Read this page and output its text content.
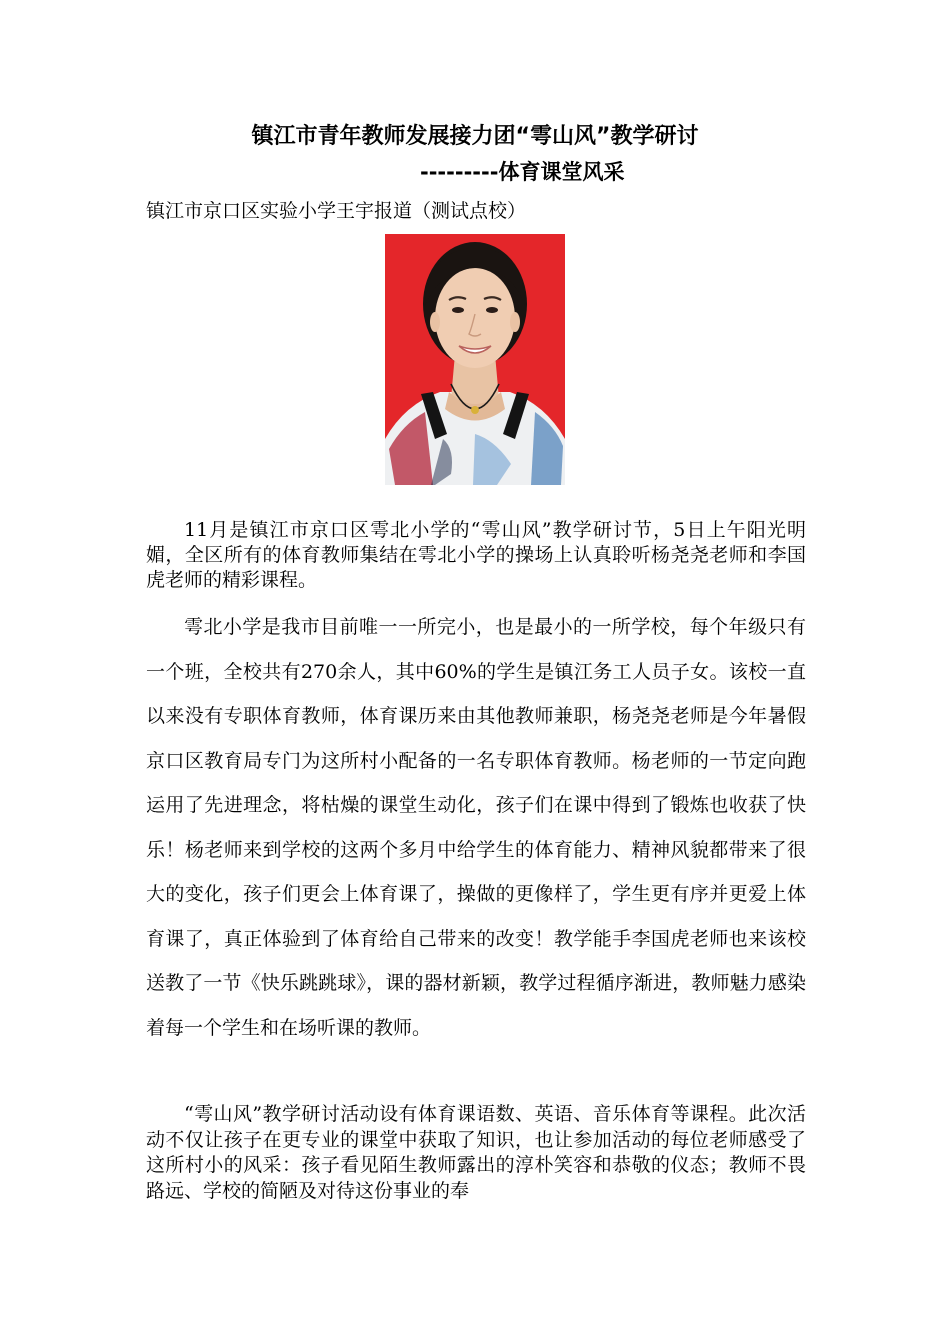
镇江市青年教师发展接力团“雩山风”教学研讨
---------体育课堂风采
镇江市京口区实验小学王宇报道（测试点校）

11月是镇江市京口区雩北小学的“雩山风”教学研讨节，5日上午阳光明媚，全区所有的体育教师集结在雩北小学的操场上认真聆听杨尧尧老师和李国虎老师的精彩课程。

雩北小学是我市目前唯一一所完小，也是最小的一所学校，每个年级只有一个班，全校共有270余人，其中60%的学生是镇江务工人员子女。该校一直以来没有专职体育教师，体育课历来由其他教师兼职，杨尧尧老师是今年暑假京口区教育局专门为这所村小配备的一名专职体育教师。杨老师的一节定向跑运用了先进理念，将枯燥的课堂生动化，孩子们在课中得到了锻炼也收获了快乐！杨老师来到学校的这两个多月中给学生的体育能力、精神风貌都带来了很大的变化，孩子们更会上体育课了，操做的更像样了，学生更有序并更爱上体育课了，真正体验到了体育给自己带来的改变！教学能手李国虎老师也来该校送教了一节《快乐跳跳球》，课的器材新颖，教学过程循序渐进，教师魅力感染着每一个学生和在场听课的教师。

“雩山风”教学研讨活动设有体育课语数、英语、音乐体育等课程。此次活动不仅让孩子在更专业的课堂中获取了知识，也让参加活动的每位老师感受了这所村小的风采：孩子看见陌生教师露出的淳朴笑容和恭敬的仪态；教师不畏路远、学校的简陋及对待这份事业的奉
